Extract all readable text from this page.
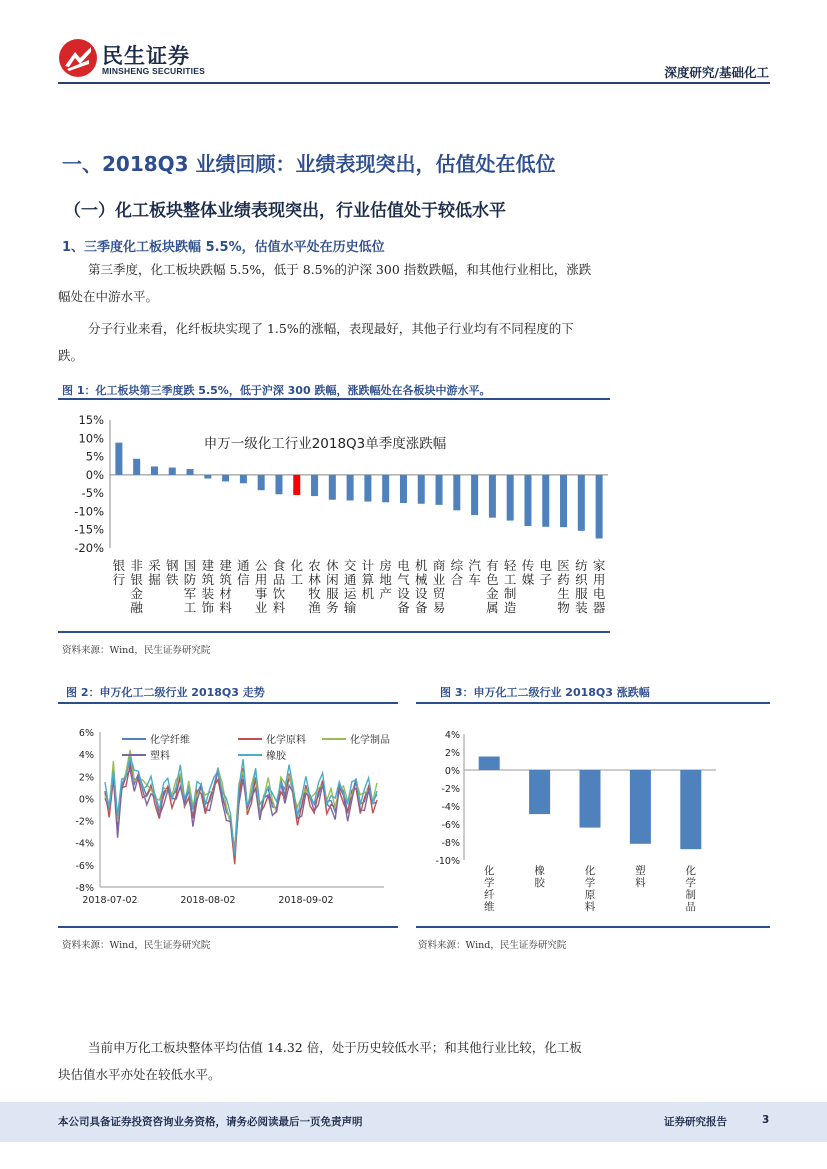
民生证券
MINSHENG SECURITIES	深度研究/基础化工
一、2018Q3 业绩回顾：业绩表现突出，估值处在低位
（一）化工板块整体业绩表现突出，行业估值处于较低水平
1、三季度化工板块跌幅 5.5%，估值水平处在历史低位
第三季度，化工板块跌幅 5.5%，低于 8.5%的沪深 300 指数跌幅，和其他行业相比，涨跌
幅处在中游水平。
分子行业来看，化纤板块实现了 1.5%的涨幅，表现最好，其他子行业均有不同程度的下
跌。
图 1：化工板块第三季度跌 5.5%，低于沪深 300 跌幅，涨跌幅处在各板块中游水平。
15%
10%
5%
0%
-5%
-10%
-15%
-20%
申万一级化工行业2018Q3单季度涨跌幅
银
行
非
银
金
融
采
掘
钢
铁
国
防
军
工
建
筑
装
饰
建
筑
材
料
通
信
公
用
事
业
食
品
饮
料
化
工
农
林
牧
渔
休
闲
服
务
交
通
运
输
计
算
机
房
地
产
电
气
设
备
机
械
设
备
商
业
贸
易
综
合
汽
车
有
色
金
属
轻
工
制
造
传
媒
电
子
医
药
生
物
纺
织
服
装
家
用
电
器
资料来源：Wind，民生证券研究院
图 2：申万化工二级行业 2018Q3 走势
6%
4%
2%
0%
-2%
-4%
-6%
-8%
2018-07-02	2018-08-02	2018-09-02
化学纤维	化学原料	化学制品
塑料	橡胶
资料来源：Wind，民生证券研究院
图 3：申万化工二级行业 2018Q3 涨跌幅
4%
2%
0%
-2%
-4%
-6%
-8%
-10%
化
学
纤
维
橡
胶
化
学
原
料
塑
料
化
学
制
品
资料来源：Wind，民生证券研究院
当前申万化工板块整体平均估值 14.32 倍，处于历史较低水平；和其他行业比较，化工板
块估值水平亦处在较低水平。
本公司具备证券投资咨询业务资格，请务必阅读最后一页免责声明	证券研究报告	3
